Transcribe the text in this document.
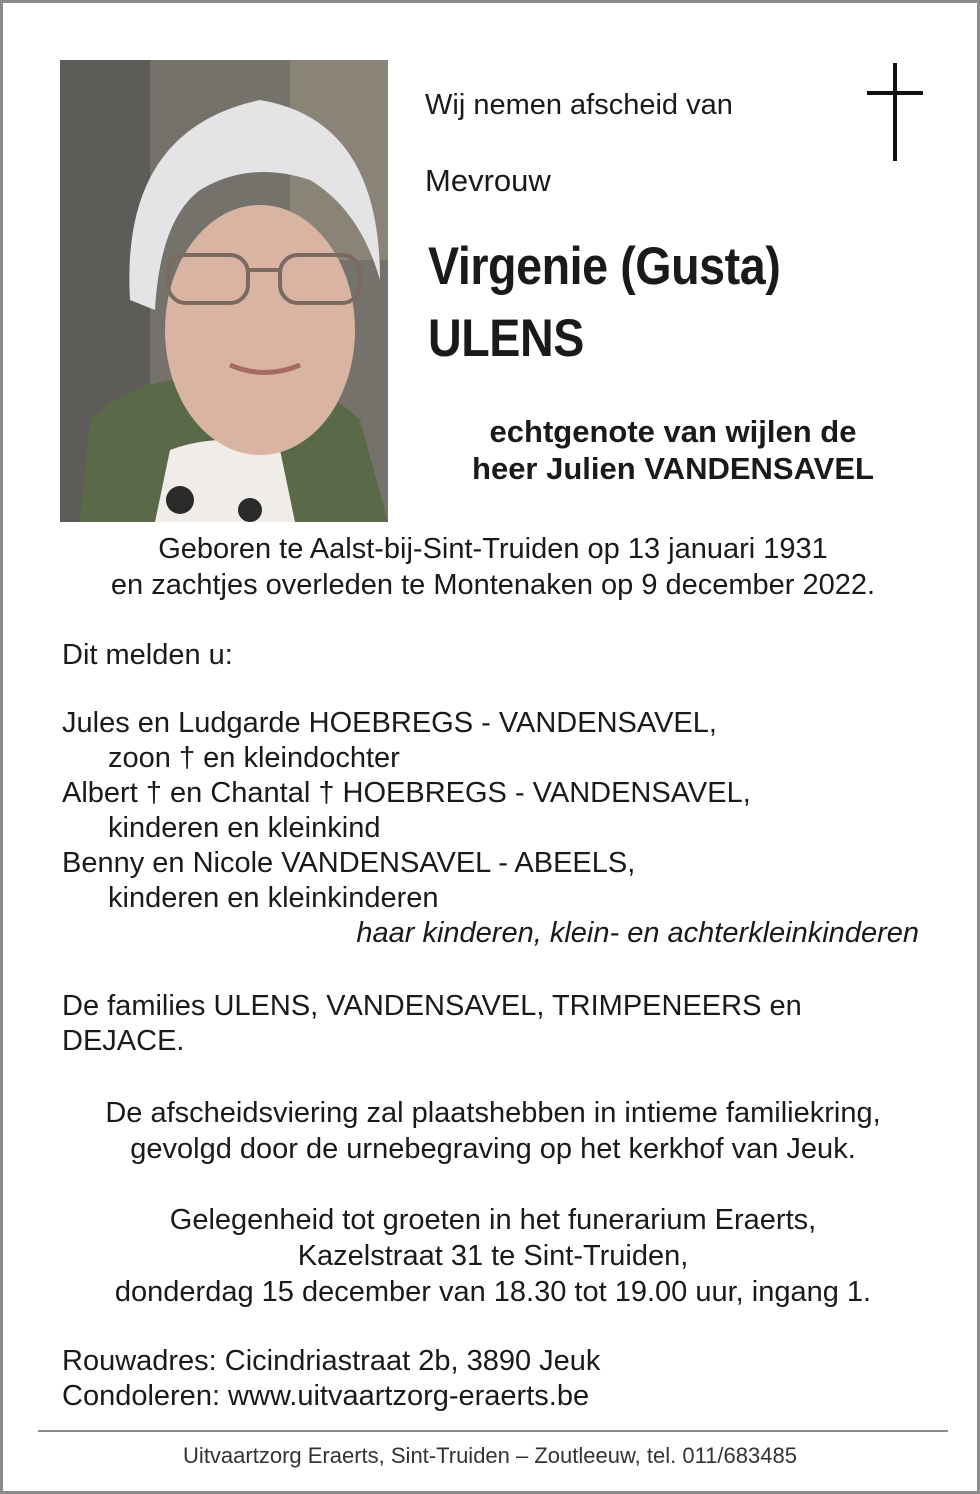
Wij nemen afscheid van
Mevrouw
Virgenie (Gusta)
ULENS
echtgenote van wijlen de
heer Julien VANDENSAVEL
Geboren te Aalst-bij-Sint-Truiden op 13 januari 1931
en zachtjes overleden te Montenaken op 9 december 2022.
Dit melden u:
Jules en Ludgarde HOEBREGS - VANDENSAVEL,
zoon † en kleindochter
Albert † en Chantal † HOEBREGS - VANDENSAVEL,
kinderen en kleinkind
Benny en Nicole VANDENSAVEL - ABEELS,
kinderen en kleinkinderen
haar kinderen, klein- en achterkleinkinderen
De families ULENS, VANDENSAVEL, TRIMPENEERS en
DEJACE.
De afscheidsviering zal plaatshebben in intieme familiekring,
gevolgd door de urnebegraving op het kerkhof van Jeuk.
Gelegenheid tot groeten in het funerarium Eraerts,
Kazelstraat 31 te Sint-Truiden,
donderdag 15 december van 18.30 tot 19.00 uur, ingang 1.
Rouwadres: Cicindriastraat 2b, 3890 Jeuk
Condoleren: www.uitvaartzorg-eraerts.be
Uitvaartzorg Eraerts, Sint-Truiden – Zoutleeuw, tel. 011/683485
